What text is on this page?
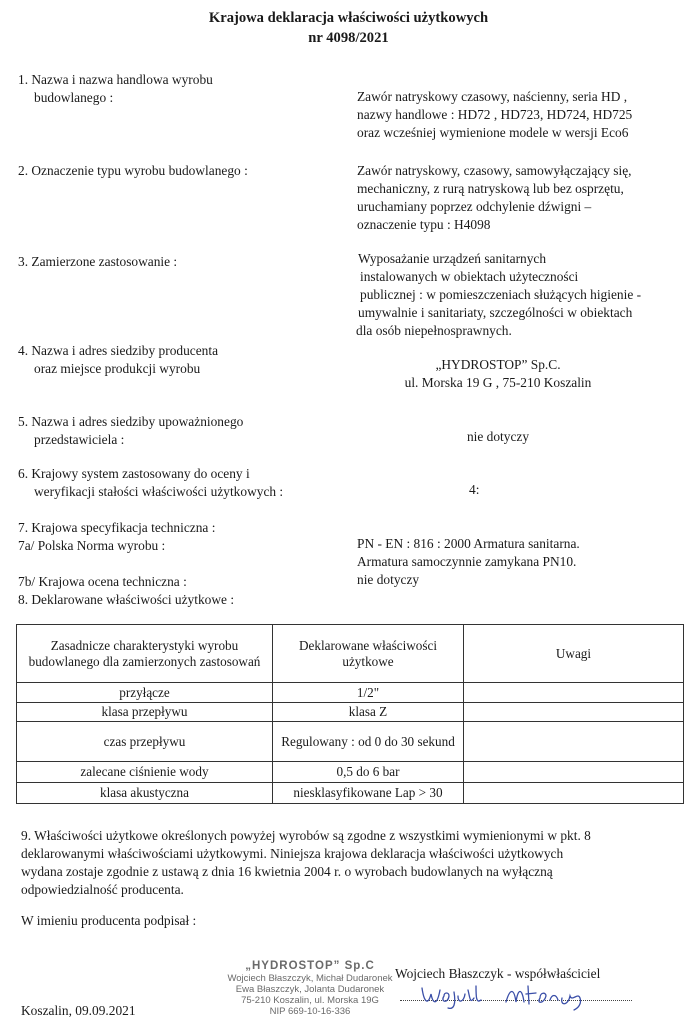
Krajowa deklaracja właściwości użytkowych
nr 4098/2021
1. Nazwa i nazwa handlowa wyrobu
budowlanego :	Zawór natryskowy czasowy, naścienny, seria HD ,
nazwy handlowe : HD72 , HD723, HD724, HD725
oraz wcześniej wymienione modele w wersji Eco6
2. Oznaczenie typu wyrobu budowlanego :	Zawór natryskowy, czasowy, samowyłączający się,
mechaniczny, z rurą natryskową lub bez osprzętu,
uruchamiany poprzez odchylenie dźwigni –
oznaczenie typu : H4098
3. Zamierzone zastosowanie :	Wyposażanie urządzeń sanitarnych
instalowanych w obiektach użyteczności
publicznej : w pomieszczeniach służących higienie -
umywalnie i sanitariaty, szczególności w obiektach
dla osób niepełnosprawnych.
4. Nazwa i adres siedziby producenta
oraz miejsce produkcji wyrobu	„HYDROSTOP” Sp.C.
ul. Morska 19 G , 75-210 Koszalin
5. Nazwa i adres siedziby upoważnionego
przedstawiciela :	nie dotyczy
6. Krajowy system zastosowany do oceny i
weryfikacji stałości właściwości użytkowych :	4:
7. Krajowa specyfikacja techniczna :
7a/ Polska Norma wyrobu :	PN - EN : 816 : 2000 Armatura sanitarna.
Armatura samoczynnie zamykana PN10.
7b/ Krajowa ocena techniczna :	nie dotyczy
8. Deklarowane właściwości użytkowe :
Zasadnicze charakterystyki wyrobu budowlanego dla zamierzonych zastosowań	Deklarowane właściwości użytkowe	Uwagi
przyłącze	1/2"	
klasa przepływu	klasa Z	
czas przepływu	Regulowany : od 0 do 30 sekund	
zalecane ciśnienie wody	0,5 do 6 bar	
klasa akustyczna	niesklasyfikowane Lap > 30	
9. Właściwości użytkowe określonych powyżej wyrobów są zgodne z wszystkimi wymienionymi w pkt. 8
deklarowanymi właściwościami użytkowymi. Niniejsza krajowa deklaracja właściwości użytkowych
wydana zostaje zgodnie z ustawą z dnia 16 kwietnia 2004 r. o wyrobach budowlanych na wyłączną
odpowiedzialność producenta.
W imieniu producenta podpisał :
Wojciech Błaszczyk - współwłaściciel
Koszalin, 09.09.2021
„HYDROSTOP” Sp.C
Wojciech Błaszczyk, Michał Dudaronek
Ewa Błaszczyk, Jolanta Dudaronek
75-210 Koszalin, ul. Morska 19G
NIP 669-10-16-336
